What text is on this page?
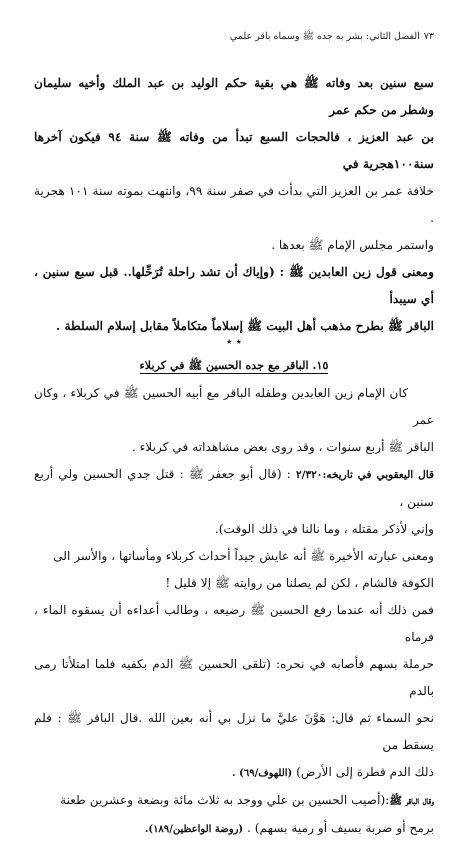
٧٣
الفصل الثاني: بشر به جده ﷺ وسماه باقر علمي

سبع سنين بعد وفاته ﷺ هي بقية حكم الوليد بن عبد الملك وأخيه سليمان وشطر من حكم عمر

بن عبد العزيز ، فالحجات السبع تبدأ من وفاته ﷺ سنة ٩٤ فيكون آخرها سنة١٠٠هجرية في

خلافة عمر بن العزيز التي بدأت في صفر سنة ٩٩، وانتهت بموته سنة ١٠١ هجرية .

واستمر مجلس الإمام ﷺ بعدها .

ومعنى قول زين العابدين ﷺ : (وإياك أن تشد راحلة تُرَحِّلها.. قبل سبع سنين ، أي سيبدأ

الباقر ﷺ بطرح مذهب أهل البيت ﷺ إسلاماً متكاملاً مقابل إسلام السلطة .

٭ ٭
١٥. الباقر مع جده الحسين ﷺ في كربلاء

كان الإمام زين العابدين وطفله الباقر مع أبيه الحسين ﷺ في كربلاء ، وكان عمر

الباقر ﷺ أربع سنوات ، وقد روى بعض مشاهداته في كربلاء .

قال اليعقوبي في تاريخه:٢/٣٢٠ : (قال أبو جعفر ﷺ : قتل جدي الحسين ولي أربع سنين ،

وإني لأذكر مقتله ، وما نالنا في ذلك الوقت).

ومعنى عبارته الأخيرة ﷺ أنه عايش جيداً أحداث كربلاء ومأساتها ، والأسر الى

الكوفة فالشام ، لكن لم يصلنا من روايته ﷺ إلا قليل !

فمن ذلك أنه عندما رفع الحسين ﷺ رضيعه ، وطالب أعداءه أن يسقوه الماء ، فرماه

حرملة بسهم فأصابه في نحره: (تلقى الحسين ﷺ الدم بكفيه فلما امتلأتا رمى بالدم

نحو السماء ثم قال: هَوَّنَ عليَّ ما نزل بي أنه بعين الله .قال الباقر ﷺ : فلم يسقط من

ذلك الدم قطرة إلى الأرض) (اللهوف/٦٩) .

وقال الباقر ﷺ:(أصيب الحسين بن علي ووجد به ثلاث مائة وبضعة وعشرين طعنة

برمح أو ضربة بسيف أو رمية بسهم) . (روضة الواعظين/١٨٩).
